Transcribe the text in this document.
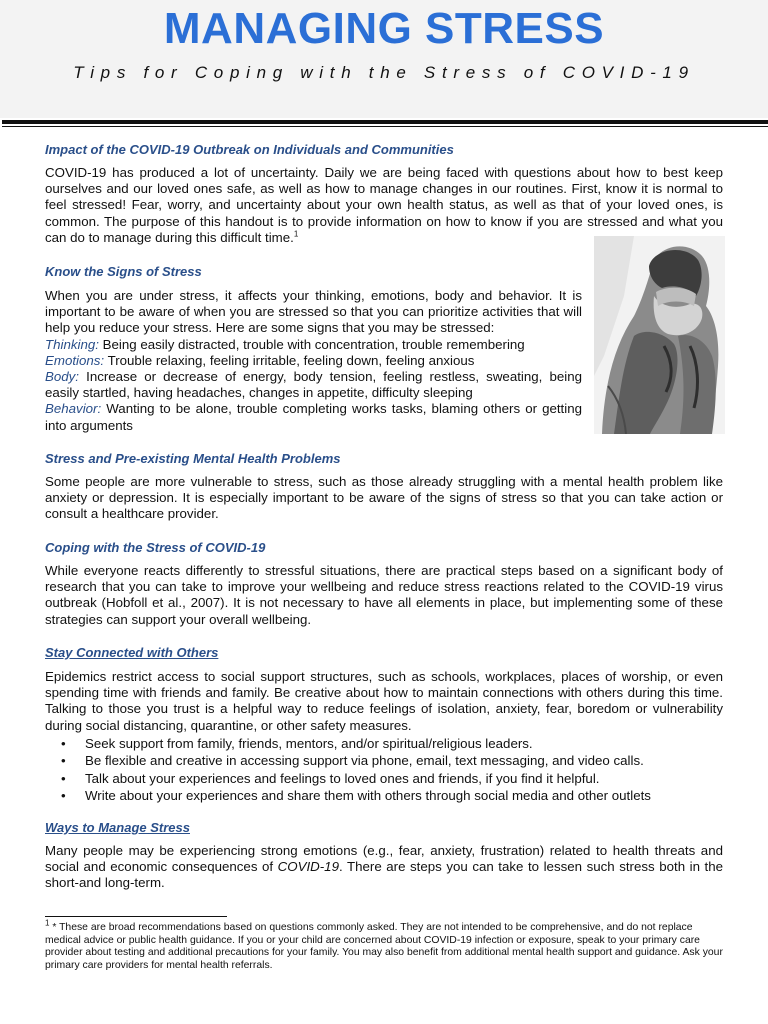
MANAGING STRESS
Tips for Coping with the Stress of COVID-19
Impact of the COVID-19 Outbreak on Individuals and Communities
COVID-19 has produced a lot of uncertainty. Daily we are being faced with questions about how to best keep ourselves and our loved ones safe, as well as how to manage changes in our routines. First, know it is normal to feel stressed! Fear, worry, and uncertainty about your own health status, as well as that of your loved ones, is common. The purpose of this handout is to provide information on how to know if you are stressed and what you can do to manage during this difficult time.$^1$
Know the Signs of Stress
When you are under stress, it affects your thinking, emotions, body and behavior. It is important to be aware of when you are stressed so that you can prioritize activities that will help you reduce your stress. Here are some signs that you may be stressed:
Thinking: Being easily distracted, trouble with concentration, trouble remembering
Emotions: Trouble relaxing, feeling irritable, feeling down, feeling anxious
Body: Increase or decrease of energy, body tension, feeling restless, sweating, being easily startled, having headaches, changes in appetite, difficulty sleeping
Behavior: Wanting to be alone, trouble completing works tasks, blaming others or getting into arguments
Stress and Pre-existing Mental Health Problems
Some people are more vulnerable to stress, such as those already struggling with a mental health problem like anxiety or depression. It is especially important to be aware of the signs of stress so that you can take action or consult a healthcare provider.
Coping with the Stress of COVID-19
While everyone reacts differently to stressful situations, there are practical steps based on a significant body of research that you can take to improve your wellbeing and reduce stress reactions related to the COVID-19 virus outbreak (Hobfoll et al., 2007). It is not necessary to have all elements in place, but implementing some of these strategies can support your overall wellbeing.
Stay Connected with Others
Epidemics restrict access to social support structures, such as schools, workplaces, places of worship, or even spending time with friends and family. Be creative about how to maintain connections with others during this time. Talking to those you trust is a helpful way to reduce feelings of isolation, anxiety, fear, boredom or vulnerability during social distancing, quarantine, or other safety measures.
• Seek support from family, friends, mentors, and/or spiritual/religious leaders.
• Be flexible and creative in accessing support via phone, email, text messaging, and video calls.
• Talk about your experiences and feelings to loved ones and friends, if you find it helpful.
• Write about your experiences and share them with others through social media and other outlets
Ways to Manage Stress
Many people may be experiencing strong emotions (e.g., fear, anxiety, frustration) related to health threats and social and economic consequences of COVID-19. There are steps you can take to lessen such stress both in the short-and long-term.
$^1$ * These are broad recommendations based on questions commonly asked. They are not intended to be comprehensive, and do not replace medical advice or public health guidance. If you or your child are concerned about COVID-19 infection or exposure, speak to your primary care provider about testing and additional precautions for your family. You may also benefit from additional mental health support and guidance. Ask your primary care providers for mental health referrals.
